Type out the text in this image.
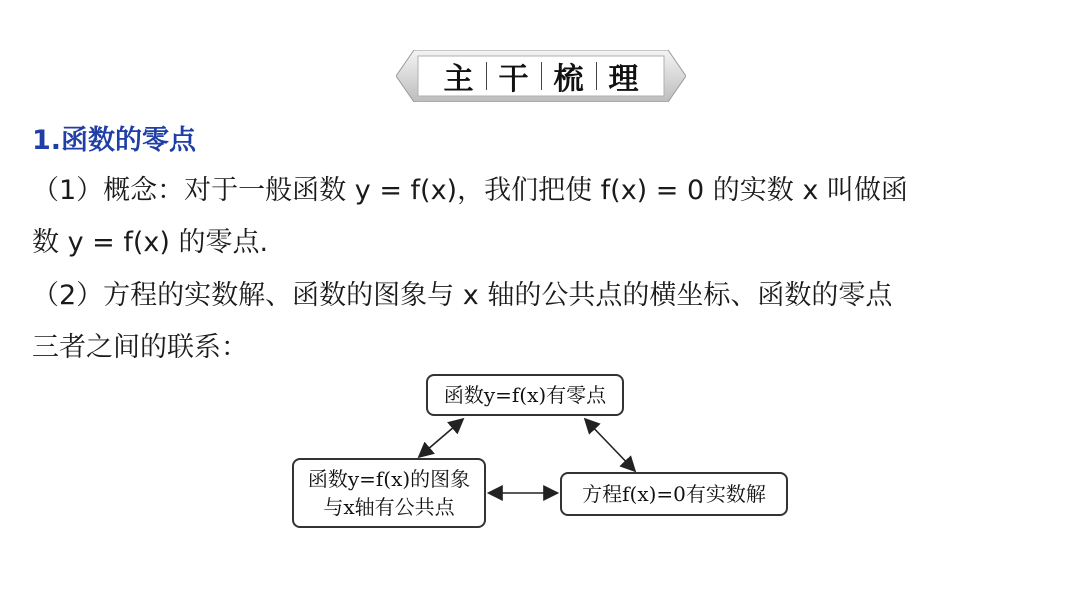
主 干 梳 理
1.函数的零点
（1）概念：对于一般函数 y = f(x)，我们把使 f(x) = 0 的实数 x 叫做函
数 y = f(x) 的零点.
（2）方程的实数解、函数的图象与 x 轴的公共点的横坐标、函数的零点
三者之间的联系：
函数y=f(x)有零点
函数y=f(x)的图象
与x轴有公共点
方程f(x)=0有实数解
